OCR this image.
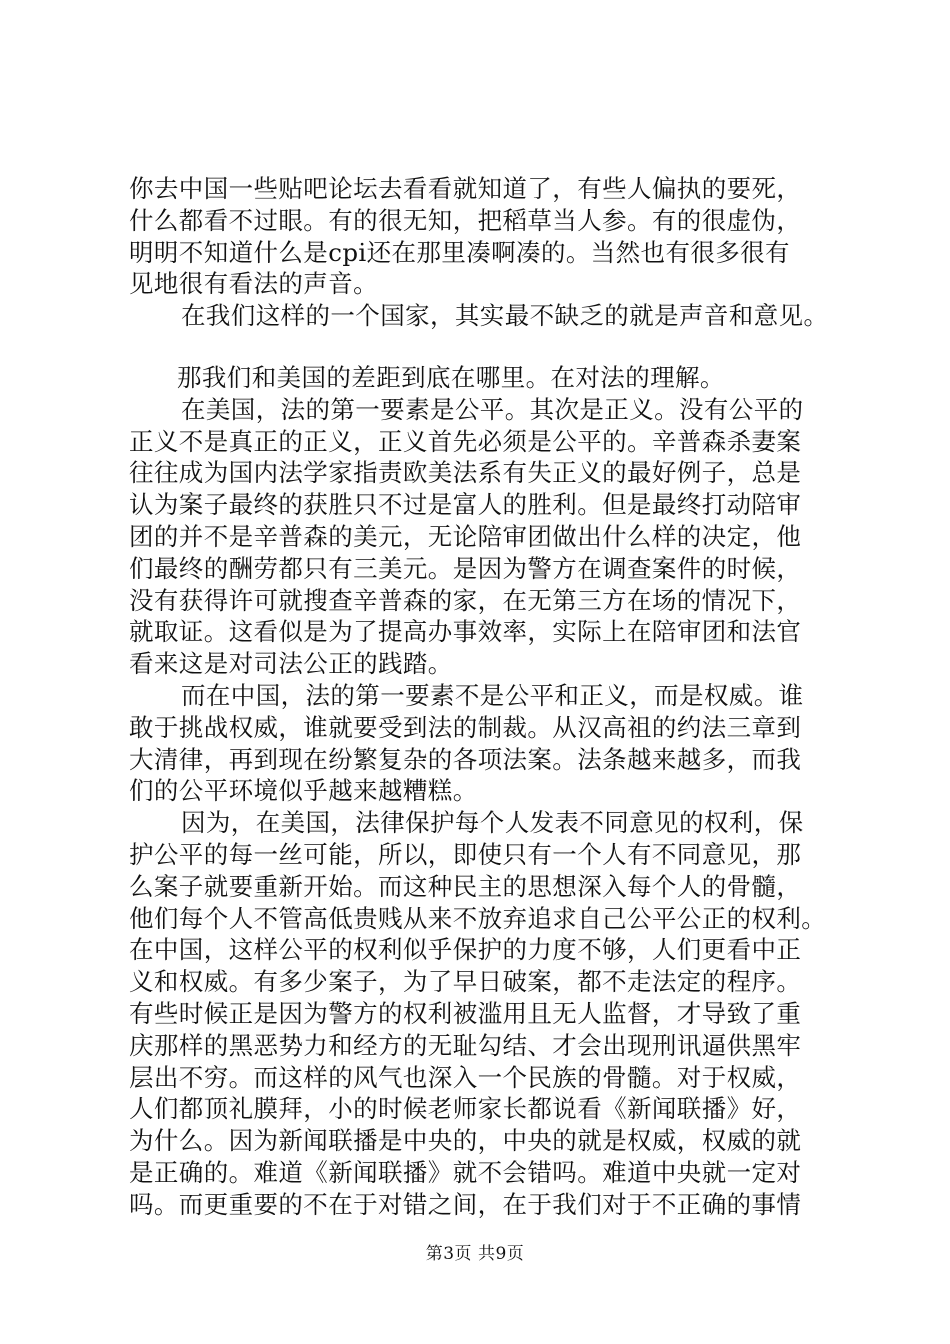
你去中国一些贴吧论坛去看看就知道了，有些人偏执的要死，
什么都看不过眼。有的很无知，把稻草当人参。有的很虚伪，
明明不知道什么是cpi还在那里凑啊凑的。当然也有很多很有
见地很有看法的声音。
在我们这样的一个国家，其实最不缺乏的就是声音和意见。
那我们和美国的差距到底在哪里。在对法的理解。
在美国，法的第一要素是公平。其次是正义。没有公平的
正义不是真正的正义，正义首先必须是公平的。辛普森杀妻案
往往成为国内法学家指责欧美法系有失正义的最好例子，总是
认为案子最终的获胜只不过是富人的胜利。但是最终打动陪审
团的并不是辛普森的美元，无论陪审团做出什么样的决定，他
们最终的酬劳都只有三美元。是因为警方在调查案件的时候，
没有获得许可就搜查辛普森的家，在无第三方在场的情况下，
就取证。这看似是为了提高办事效率，实际上在陪审团和法官
看来这是对司法公正的践踏。
而在中国，法的第一要素不是公平和正义，而是权威。谁
敢于挑战权威，谁就要受到法的制裁。从汉高祖的约法三章到
大清律，再到现在纷繁复杂的各项法案。法条越来越多，而我
们的公平环境似乎越来越糟糕。
因为，在美国，法律保护每个人发表不同意见的权利，保
护公平的每一丝可能，所以，即使只有一个人有不同意见，那
么案子就要重新开始。而这种民主的思想深入每个人的骨髓，
他们每个人不管高低贵贱从来不放弃追求自己公平公正的权利。
在中国，这样公平的权利似乎保护的力度不够，人们更看中正
义和权威。有多少案子，为了早日破案，都不走法定的程序。
有些时候正是因为警方的权利被滥用且无人监督，才导致了重
庆那样的黑恶势力和经方的无耻勾结、才会出现刑讯逼供黑牢
层出不穷。而这样的风气也深入一个民族的骨髓。对于权威，
人们都顶礼膜拜，小的时候老师家长都说看《新闻联播》好，
为什么。因为新闻联播是中央的，中央的就是权威，权威的就
是正确的。难道《新闻联播》就不会错吗。难道中央就一定对
吗。而更重要的不在于对错之间，在于我们对于不正确的事情
第3页 共9页
